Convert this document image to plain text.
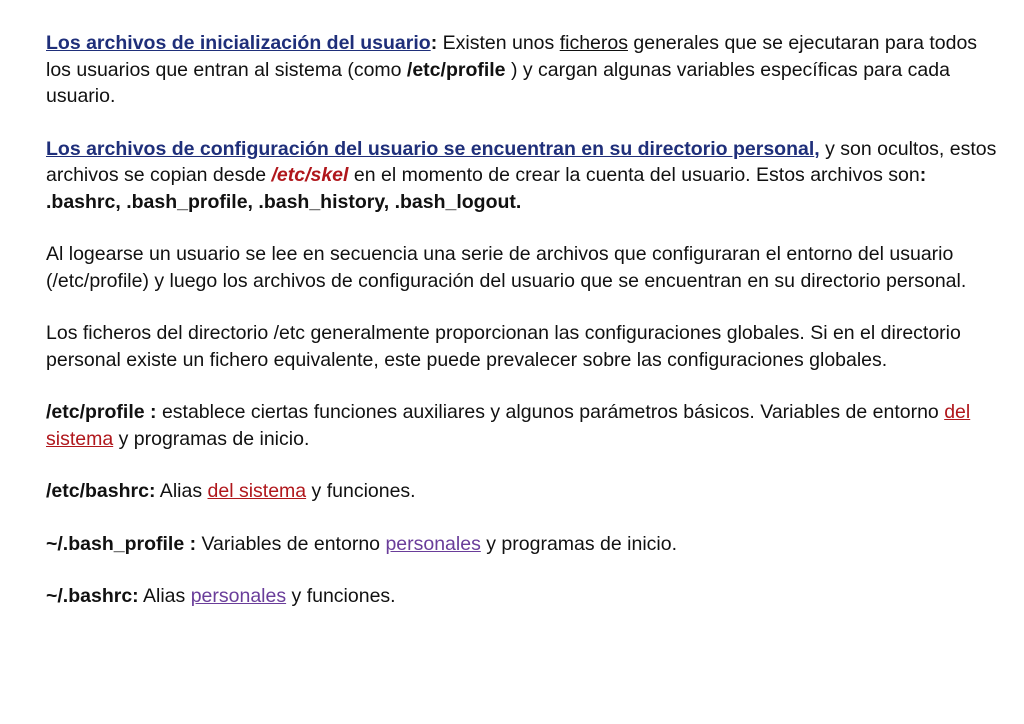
Los archivos de inicialización del usuario: Existen unos ficheros generales que se ejecutaran para todos los usuarios que entran al sistema (como /etc/profile ) y cargan algunas variables específicas para cada usuario.

Los archivos de configuración del usuario se encuentran en su directorio personal, y son ocultos, estos archivos se copian desde /etc/skel en el momento de crear la cuenta del usuario. Estos archivos son: .bashrc, .bash_profile, .bash_history, .bash_logout.

Al logearse un usuario se lee en secuencia una serie de archivos que configuraran el entorno del usuario (/etc/profile) y luego los archivos de configuración del usuario que se encuentran en su directorio personal.

Los ficheros del directorio /etc generalmente proporcionan las configuraciones globales. Si en el directorio personal existe un fichero equivalente, este puede prevalecer sobre las configuraciones globales.

/etc/profile : establece ciertas funciones auxiliares y algunos parámetros básicos. Variables de entorno del sistema y programas de inicio.

/etc/bashrc: Alias del sistema y funciones.

~/.bash_profile : Variables de entorno personales y programas de inicio.

~/.bashrc: Alias personales y funciones.
